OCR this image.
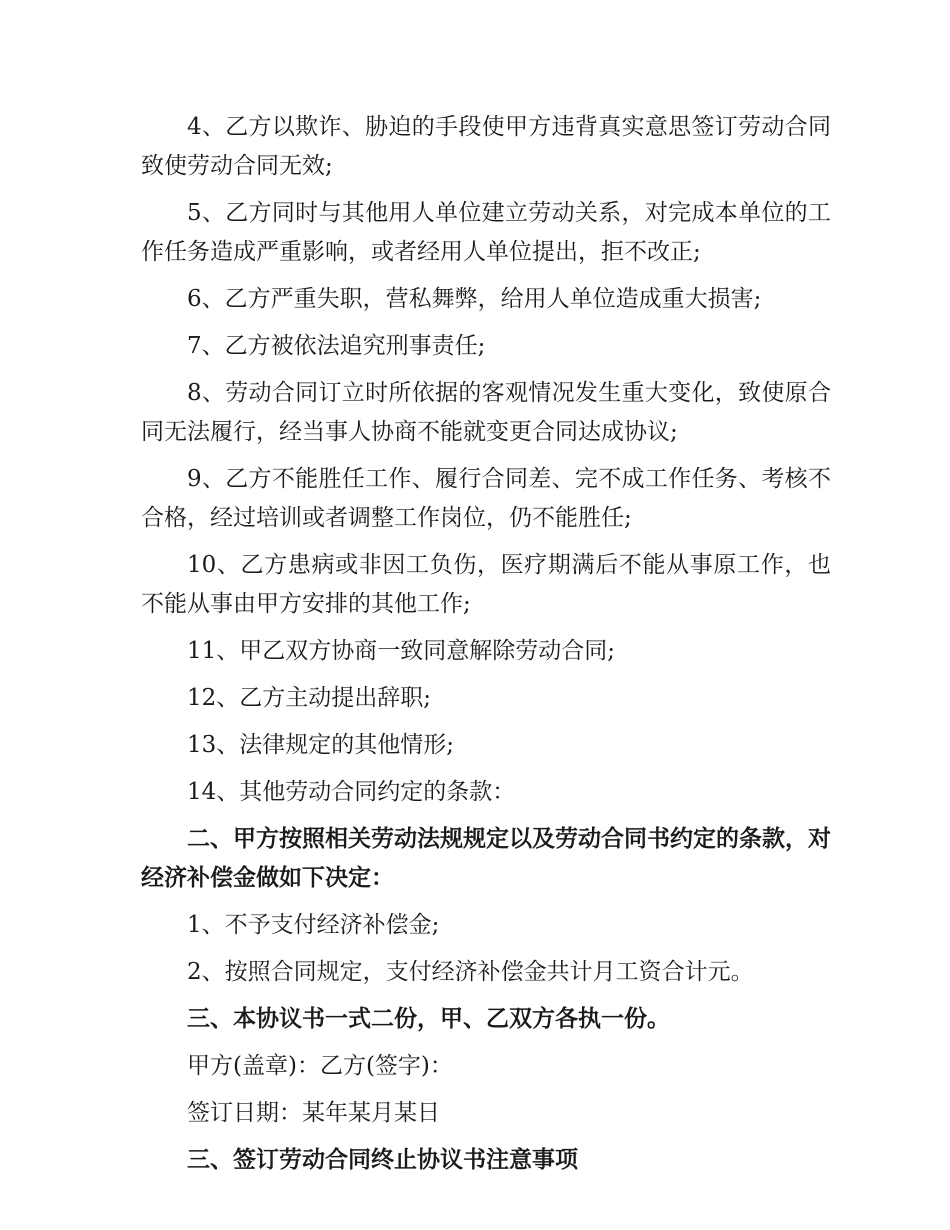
4、乙方以欺诈、胁迫的手段使甲方违背真实意思签订劳动合同致使劳动合同无效;

5、乙方同时与其他用人单位建立劳动关系，对完成本单位的工作任务造成严重影响，或者经用人单位提出，拒不改正;

6、乙方严重失职，营私舞弊，给用人单位造成重大损害;

7、乙方被依法追究刑事责任;

8、劳动合同订立时所依据的客观情况发生重大变化，致使原合同无法履行，经当事人协商不能就变更合同达成协议;

9、乙方不能胜任工作、履行合同差、完不成工作任务、考核不合格，经过培训或者调整工作岗位，仍不能胜任;

10、乙方患病或非因工负伤，医疗期满后不能从事原工作，也不能从事由甲方安排的其他工作;

11、甲乙双方协商一致同意解除劳动合同;

12、乙方主动提出辞职;

13、法律规定的其他情形;

14、其他劳动合同约定的条款：

二、甲方按照相关劳动法规规定以及劳动合同书约定的条款，对经济补偿金做如下决定：

1、不予支付经济补偿金;

2、按照合同规定，支付经济补偿金共计月工资合计元。

三、本协议书一式二份，甲、乙双方各执一份。

甲方(盖章)：乙方(签字)：

签订日期：某年某月某日

三、签订劳动合同终止协议书注意事项
